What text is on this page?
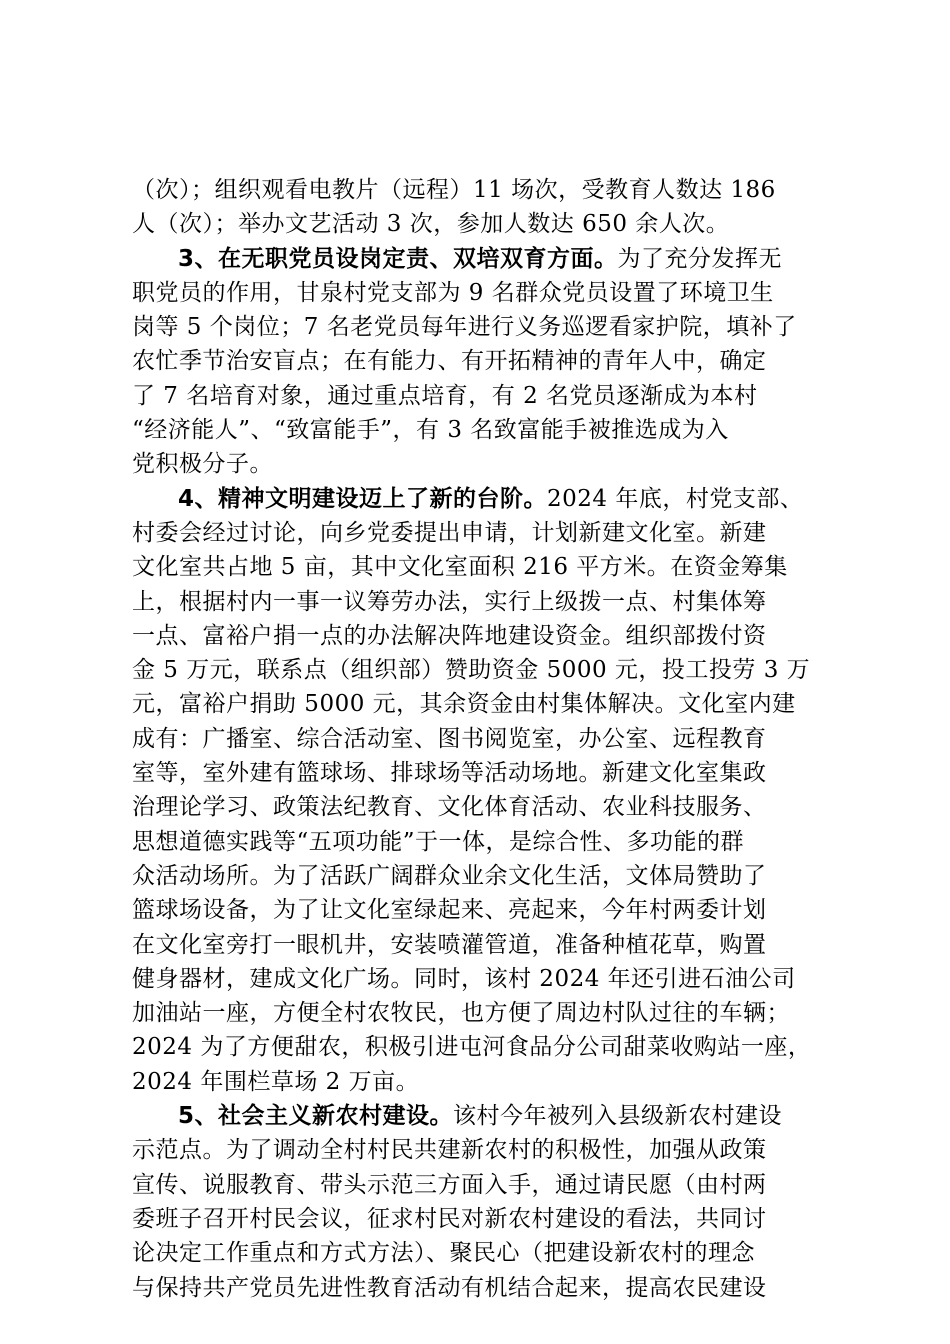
（次）；组织观看电教片（远程）11 场次，受教育人数达 186
人（次）；举办文艺活动 3 次，参加人数达 650 余人次。
3、在无职党员设岗定责、双培双育方面。为了充分发挥无
职党员的作用，甘泉村党支部为 9 名群众党员设置了环境卫生
岗等 5 个岗位；7 名老党员每年进行义务巡逻看家护院，填补了
农忙季节治安盲点；在有能力、有开拓精神的青年人中，确定
了 7 名培育对象，通过重点培育，有 2 名党员逐渐成为本村
“经济能人”、“致富能手”，有 3 名致富能手被推选成为入
党积极分子。
4、精神文明建设迈上了新的台阶。2024 年底，村党支部、
村委会经过讨论，向乡党委提出申请，计划新建文化室。新建
文化室共占地 5 亩，其中文化室面积 216 平方米。在资金筹集
上，根据村内一事一议筹劳办法，实行上级拨一点、村集体筹
一点、富裕户捐一点的办法解决阵地建设资金。组织部拨付资
金 5 万元，联系点（组织部）赞助资金 5000 元，投工投劳 3 万
元，富裕户捐助 5000 元，其余资金由村集体解决。文化室内建
成有：广播室、综合活动室、图书阅览室，办公室、远程教育
室等，室外建有篮球场、排球场等活动场地。新建文化室集政
治理论学习、政策法纪教育、文化体育活动、农业科技服务、
思想道德实践等“五项功能”于一体，是综合性、多功能的群
众活动场所。为了活跃广阔群众业余文化生活，文体局赞助了
篮球场设备，为了让文化室绿起来、亮起来，今年村两委计划
在文化室旁打一眼机井，安装喷灌管道，准备种植花草，购置
健身器材，建成文化广场。同时，该村 2024 年还引进石油公司
加油站一座，方便全村农牧民，也方便了周边村队过往的车辆；
2024 为了方便甜农，积极引进屯河食品分公司甜菜收购站一座，
2024 年围栏草场 2 万亩。
5、社会主义新农村建设。该村今年被列入县级新农村建设
示范点。为了调动全村村民共建新农村的积极性，加强从政策
宣传、说服教育、带头示范三方面入手，通过请民愿（由村两
委班子召开村民会议，征求村民对新农村建设的看法，共同讨
论决定工作重点和方式方法）、聚民心（把建设新农村的理念
与保持共产党员先进性教育活动有机结合起来，提高农民建设
